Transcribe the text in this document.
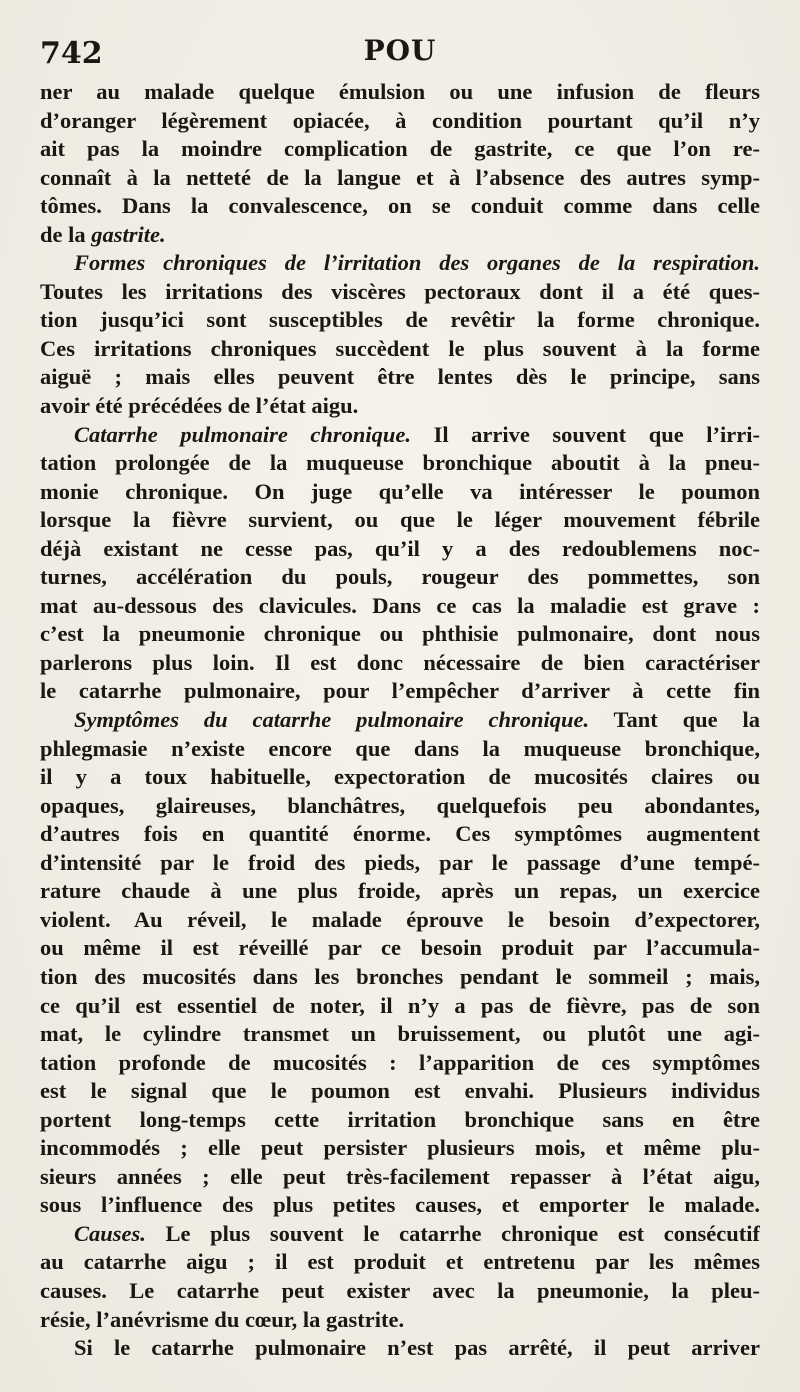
742	POU
ner au malade quelque émulsion ou une infusion de fleurs
d’oranger légèrement opiacée, à condition pourtant qu’il n’y
ait pas la moindre complication de gastrite, ce que l’on re-
connaît à la netteté de la langue et à l’absence des autres symp-
tômes. Dans la convalescence, on se conduit comme dans celle
de la gastrite.
Formes chroniques de l’irritation des organes de la respiration.
Toutes les irritations des viscères pectoraux dont il a été ques-
tion jusqu’ici sont susceptibles de revêtir la forme chronique.
Ces irritations chroniques succèdent le plus souvent à la forme
aiguë ; mais elles peuvent être lentes dès le principe, sans
avoir été précédées de l’état aigu.
Catarrhe pulmonaire chronique. Il arrive souvent que l’irri-
tation prolongée de la muqueuse bronchique aboutit à la pneu-
monie chronique. On juge qu’elle va intéresser le poumon
lorsque la fièvre survient, ou que le léger mouvement fébrile
déjà existant ne cesse pas, qu’il y a des redoublemens noc-
turnes, accélération du pouls, rougeur des pommettes, son
mat au-dessous des clavicules. Dans ce cas la maladie est grave :
c’est la pneumonie chronique ou phthisie pulmonaire, dont nous
parlerons plus loin. Il est donc nécessaire de bien caractériser
le catarrhe pulmonaire, pour l’empêcher d’arriver à cette fin
Symptômes du catarrhe pulmonaire chronique. Tant que la
phlegmasie n’existe encore que dans la muqueuse bronchique,
il y a toux habituelle, expectoration de mucosités claires ou
opaques, glaireuses, blanchâtres, quelquefois peu abondantes,
d’autres fois en quantité énorme. Ces symptômes augmentent
d’intensité par le froid des pieds, par le passage d’une tempé-
rature chaude à une plus froide, après un repas, un exercice
violent. Au réveil, le malade éprouve le besoin d’expectorer,
ou même il est réveillé par ce besoin produit par l’accumula-
tion des mucosités dans les bronches pendant le sommeil ; mais,
ce qu’il est essentiel de noter, il n’y a pas de fièvre, pas de son
mat, le cylindre transmet un bruissement, ou plutôt une agi-
tation profonde de mucosités : l’apparition de ces symptômes
est le signal que le poumon est envahi. Plusieurs individus
portent long-temps cette irritation bronchique sans en être
incommodés ; elle peut persister plusieurs mois, et même plu-
sieurs années ; elle peut très-facilement repasser à l’état aigu,
sous l’influence des plus petites causes, et emporter le malade.
Causes. Le plus souvent le catarrhe chronique est consécutif
au catarrhe aigu ; il est produit et entretenu par les mêmes
causes. Le catarrhe peut exister avec la pneumonie, la pleu-
résie, l’anévrisme du cœur, la gastrite.
Si le catarrhe pulmonaire n’est pas arrêté, il peut arriver
